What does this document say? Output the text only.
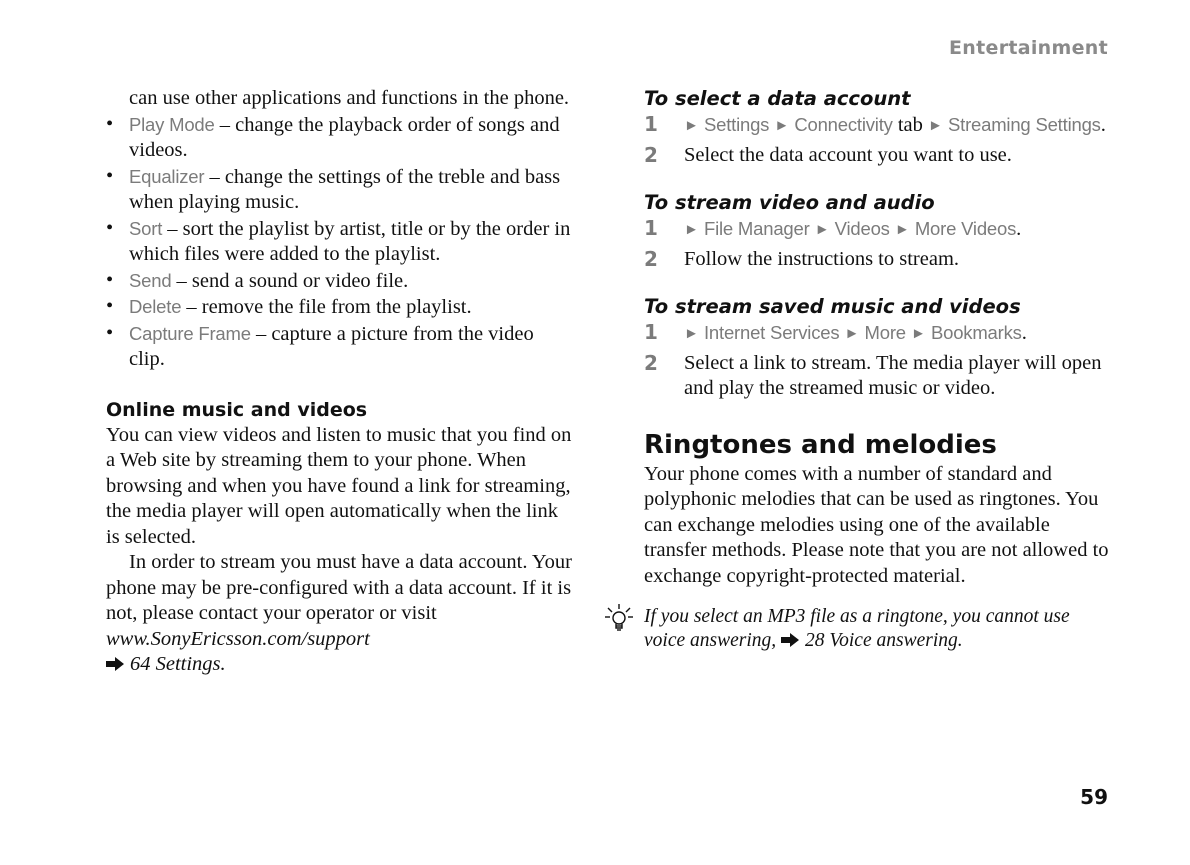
Entertainment
can use other applications and functions in the phone.
• Play Mode – change the playback order of songs and videos.
• Equalizer – change the settings of the treble and bass when playing music.
• Sort – sort the playlist by artist, title or by the order in which files were added to the playlist.
• Send – send a sound or video file.
• Delete – remove the file from the playlist.
• Capture Frame – capture a picture from the video clip.
Online music and videos
You can view videos and listen to music that you find on a Web site by streaming them to your phone. When browsing and when you have found a link for streaming, the media player will open automatically when the link is selected.
In order to stream you must have a data account. Your phone may be pre-configured with a data account. If it is not, please contact your operator or visit www.SonyEricsson.com/support
64 Settings.
To select a data account
1 ► Settings ► Connectivity tab ► Streaming Settings.
2 Select the data account you want to use.
To stream video and audio
1 ► File Manager ► Videos ► More Videos.
2 Follow the instructions to stream.
To stream saved music and videos
1 ► Internet Services ► More ► Bookmarks.
2 Select a link to stream. The media player will open and play the streamed music or video.
Ringtones and melodies
Your phone comes with a number of standard and polyphonic melodies that can be used as ringtones. You can exchange melodies using one of the available transfer methods. Please note that you are not allowed to exchange copyright-protected material.
If you select an MP3 file as a ringtone, you cannot use voice answering, 28 Voice answering.
59
